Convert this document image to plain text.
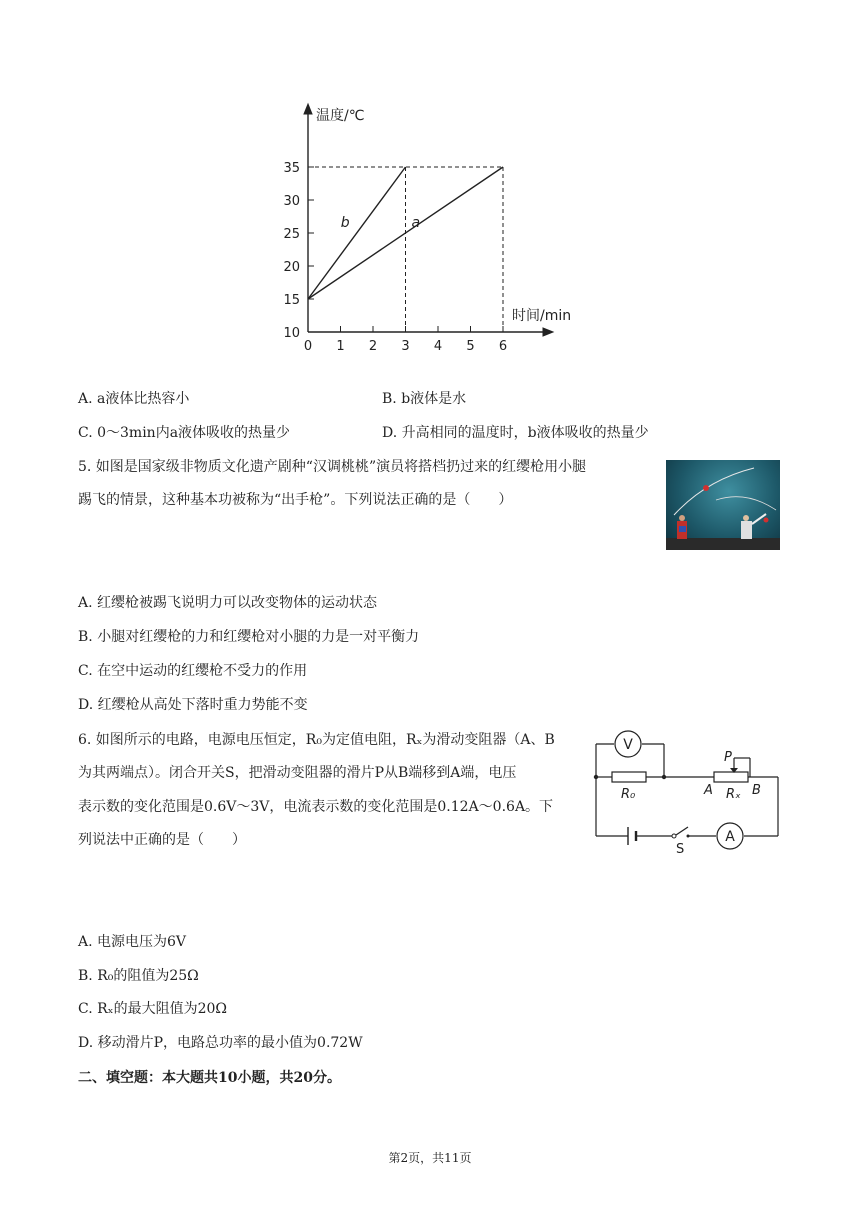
0 1 2 3 4 5 6
10
15
20
25
30
35
b	a
温度/℃
时间/min
A. a液体比热容小	B. b液体是水
C. 0～3min内a液体吸收的热量少	D. 升高相同的温度时，b液体吸收的热量少
5. 如图是国家级非物质文化遗产剧种“汉调桃桃”演员将搭档扔过来的红缨枪用小腿
踢飞的情景，这种基本功被称为“出手枪”。下列说法正确的是（　　）
A. 红缨枪被踢飞说明力可以改变物体的运动状态
B. 小腿对红缨枪的力和红缨枪对小腿的力是一对平衡力
C. 在空中运动的红缨枪不受力的作用
D. 红缨枪从高处下落时重力势能不变
6. 如图所示的电路，电源电压恒定，R₀为定值电阻，Rₓ为滑动变阻器（A、B
为其两端点）。闭合开关S，把滑动变阻器的滑片P从B端移到A端，电压
表示数的变化范围是0.6V～3V，电流表示数的变化范围是0.12A～0.6A。下
列说法中正确的是（　　）
V
R₀
P
A Rₓ B
S
A
A. 电源电压为6V
B. R₀的阻值为25Ω
C. Rₓ的最大阻值为20Ω
D. 移动滑片P，电路总功率的最小值为0.72W
二、填空题：本大题共10小题，共20分。
第2页，共11页
